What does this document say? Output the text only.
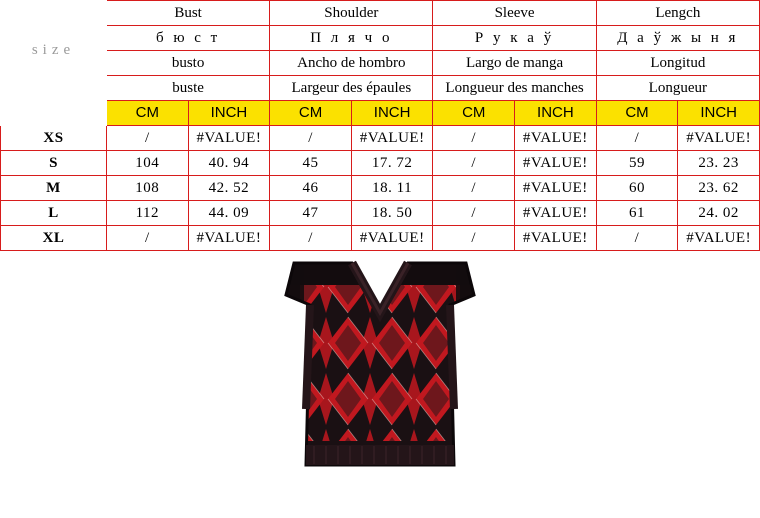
size	Bust		Shoulder		Sleeve		Lengch	
	б ю с т		П л я ч о		Р у к а ў		Д а ў ж ы н я	
	busto		Ancho de hombro		Largo de manga		Longitud	
	buste		Largeur des épaules		Longueur des manches		Longueur	
	CM	INCH	CM	INCH	CM	INCH	CM	INCH
XS	/	#VALUE!	/	#VALUE!	/	#VALUE!	/	#VALUE!
S	104	40. 94	45	17. 72	/	#VALUE!	59	23. 23
M	108	42. 52	46	18. 11	/	#VALUE!	60	23. 62
L	112	44. 09	47	18. 50	/	#VALUE!	61	24. 02
XL	/	#VALUE!	/	#VALUE!	/	#VALUE!	/	#VALUE!
